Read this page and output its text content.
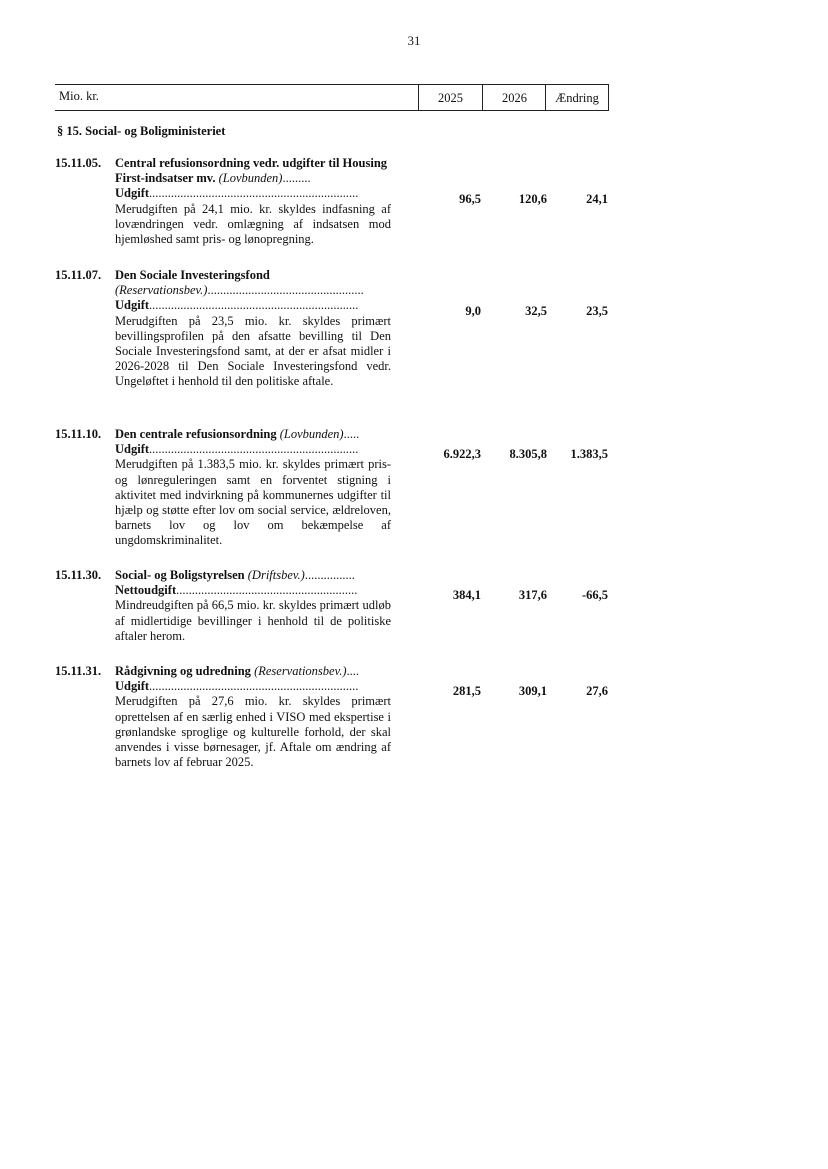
31
Mio. kr.	2025	2026	Ændring
§ 15. Social- og Boligministeriet
15.11.05. Central refusionsordning vedr. udgifter til Housing First-indsatser mv. (Lovbunden).........
Udgift...................................................................
Merudgiften på 24,1 mio. kr. skyldes indfasning af lovændringen vedr. omlægning af indsatsen mod hjemløshed samt pris- og lønopregning.
96,5	120,6	24,1
15.11.07. Den Sociale Investeringsfond
(Reservationsbev.)..................................................
Udgift...................................................................
Merudgiften på 23,5 mio. kr. skyldes primært bevillingsprofilen på den afsatte bevilling til Den Sociale Investeringsfond samt, at der er afsat midler i 2026-2028 til Den Sociale Investeringsfond vedr. Ungeløftet i henhold til den politiske aftale.
9,0	32,5	23,5
15.11.10. Den centrale refusionsordning (Lovbunden).....
Udgift...................................................................
Merudgiften på 1.383,5 mio. kr. skyldes primært pris- og lønreguleringen samt en forventet stigning i aktivitet med indvirkning på kommunernes udgifter til hjælp og støtte efter lov om social service, ældreloven, barnets lov og lov om bekæmpelse af ungdomskriminalitet.
6.922,3	8.305,8	1.383,5
15.11.30. Social- og Boligstyrelsen (Driftsbev.)................
Nettoudgift..........................................................
Mindreudgiften på 66,5 mio. kr. skyldes primært udløb af midlertidige bevillinger i henhold til de politiske aftaler herom.
384,1	317,6	-66,5
15.11.31. Rådgivning og udredning (Reservationsbev.)....
Udgift...................................................................
Merudgiften på 27,6 mio. kr. skyldes primært oprettelsen af en særlig enhed i VISO med ekspertise i grønlandske sproglige og kulturelle forhold, der skal anvendes i visse børnesager, jf. Aftale om ændring af barnets lov af februar 2025.
281,5	309,1	27,6
